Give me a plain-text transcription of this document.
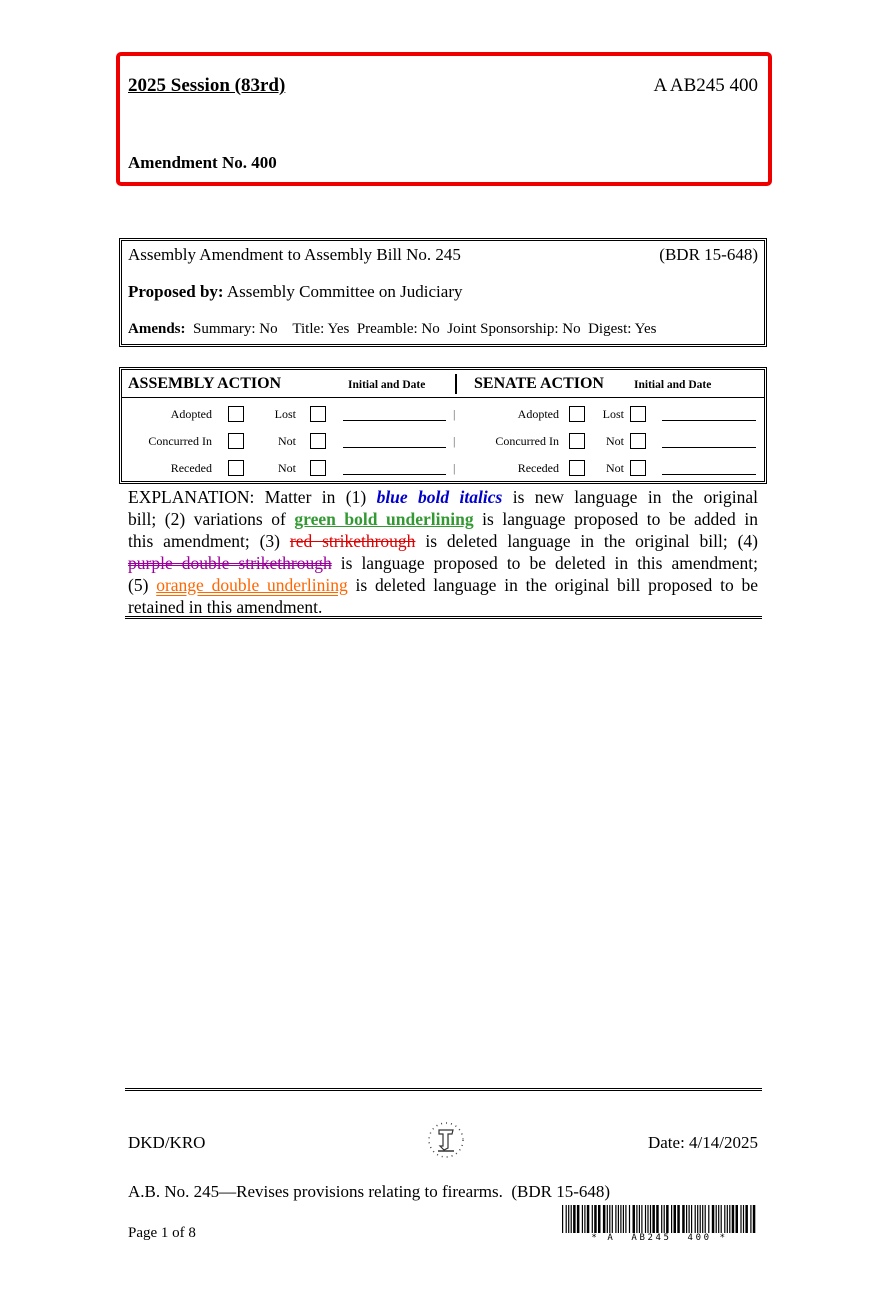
2025 Session (83rd)	A AB245 400
Amendment No. 400
Assembly Amendment to Assembly Bill No. 245	(BDR 15-648)
Proposed by: Assembly Committee on Judiciary
Amends: Summary: No Title: Yes Preamble: No Joint Sponsorship: No Digest: Yes
ASSEMBLY ACTION	Initial and Date	SENATE ACTION	Initial and Date
Adopted	Lost	|	Adopted	Lost
Concurred In	Not	|	Concurred In	Not
Receded	Not	|	Receded	Not
EXPLANATION: Matter in (1) blue bold italics is new language in the original
bill; (2) variations of green bold underlining is language proposed to be added in
this amendment; (3) red strikethrough is deleted language in the original bill; (4)
purple double strikethrough is language proposed to be deleted in this amendment;
(5) orange double underlining is deleted language in the original bill proposed to be
retained in this amendment.
DKD/KRO	Date: 4/14/2025
A.B. No. 245—Revises provisions relating to firearms.  (BDR 15-648)
Page 1 of 8	* A  AB245  400 *
